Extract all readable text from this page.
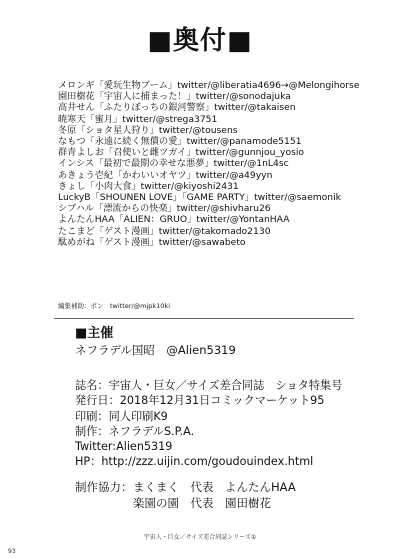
■奥付■
メロンギ「愛玩生物ブーム」twitter/@liberatia4696→@Melongihorse
園田樹花「宇宙人に捕まった！」twitter/@sonodajuka
高井せん「ふたりぼっちの銀河警察」twitter/@takaisen
暁寒天「蜜月」twitter/@strega3751
冬原「ショタ星人狩り」twitter/@tousens
なもつ「永遠に続く無償の愛」twitter/@panamode5151
群青よしお「召使いと雌ツガイ」twitter/@gunnjou_yosio
インシス「最初で最期の幸せな悪夢」twitter/@1nL4sc
あきょう壱紀「かわいいオヤツ」twitter/@a49yyn
きょし「小肉大食」twitter/@kiyoshi2431
LuckyB「SHOUNEN LOVE」「GAME PARTY」twitter/@saemonik
シブハル「漂流からの快楽」twitter/@shivharu26
よんたんHAA「ALIEN：GRUO」twitter/@YontanHAA
たこまど「ゲスト漫画」twitter/@takomado2130
駄めがね「ゲスト漫画」twitter/@sawabeto
編集補助：ポン　twitter/@mjpk10ki
■主催
ネフラデル国昭　@Alien5319
誌名：宇宙人・巨女／サイズ差合同誌　ショタ特集号
発行日：2018年12月31日コミックマーケット95
印刷：同人印刷K9
制作：ネフラデルS.P.A.
Twitter:Alien5319
HP：http://zzz.uijin.com/goudouindex.html
制作協力：まくまく　代表　よんたんHAA
楽園の園　代表　園田樹花
宇宙人・巨女／サイズ差合同誌シリーズ①
93
